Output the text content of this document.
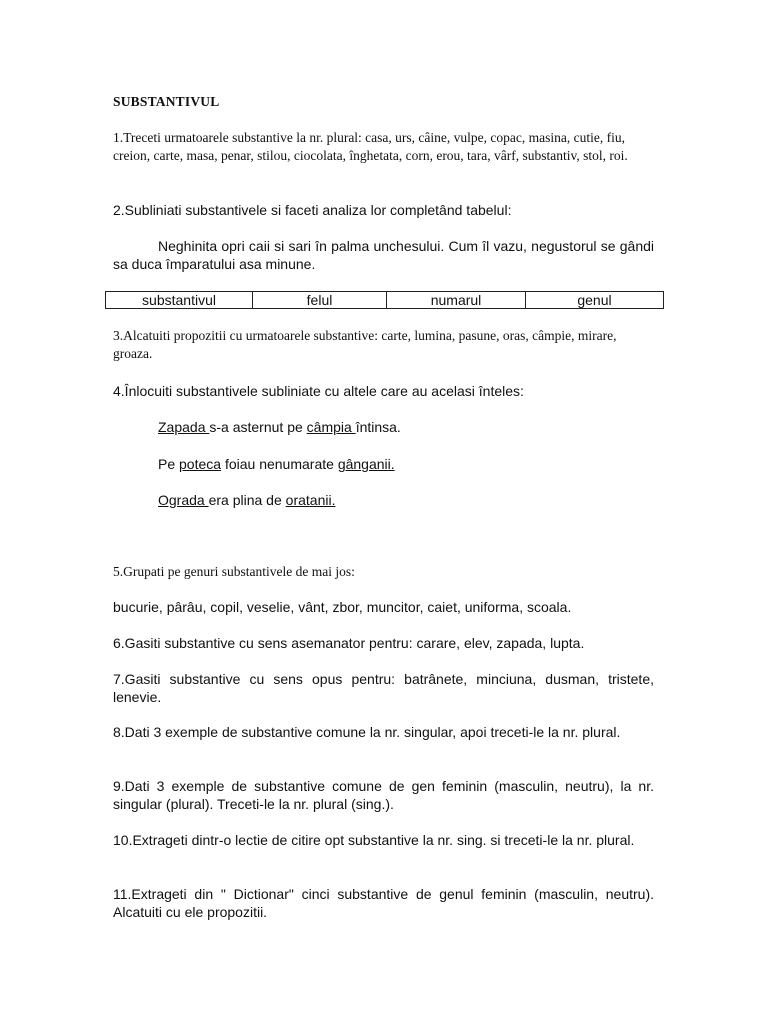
SUBSTANTIVUL

1.Treceti urmatoarele substantive la nr. plural: casa, urs, câine, vulpe, copac, masina, cutie, fiu, creion, carte, masa, penar, stilou, ciocolata, înghetata, corn, erou, tara, vârf, substantiv, stol, roi.

2.Subliniati substantivele si faceti analiza lor completând tabelul:

Neghinita opri caii si sari în palma unchesului. Cum îl vazu, negustorul se gândi sa duca împaratului asa minune.

substantivul	felul	numarul	genul

3.Alcatuiti propozitii cu urmatoarele substantive: carte, lumina, pasune, oras, câmpie, mirare, groaza.

4.Înlocuiti substantivele subliniate cu altele care au acelasi înteles:

Zapada s-a asternut pe câmpia întinsa.

Pe poteca foiau nenumarate gânganii.

Ograda era plina de oratanii.

5.Grupati pe genuri substantivele de mai jos:

bucurie, pârâu, copil, veselie, vânt, zbor, muncitor, caiet, uniforma, scoala.

6.Gasiti substantive cu sens asemanator pentru: carare, elev, zapada, lupta.

7.Gasiti substantive cu sens opus pentru: batrânete, minciuna, dusman, tristete, lenevie.

8.Dati 3 exemple de substantive comune la nr. singular, apoi treceti-le la nr. plural.

9.Dati 3 exemple de substantive comune de gen feminin (masculin, neutru), la nr. singular (plural). Treceti-le la nr. plural (sing.).

10.Extrageti dintr-o lectie de citire opt substantive la nr. sing. si treceti-le la nr. plural.

11.Extrageti din " Dictionar" cinci substantive de genul feminin (masculin, neutru). Alcatuiti cu ele propozitii.
